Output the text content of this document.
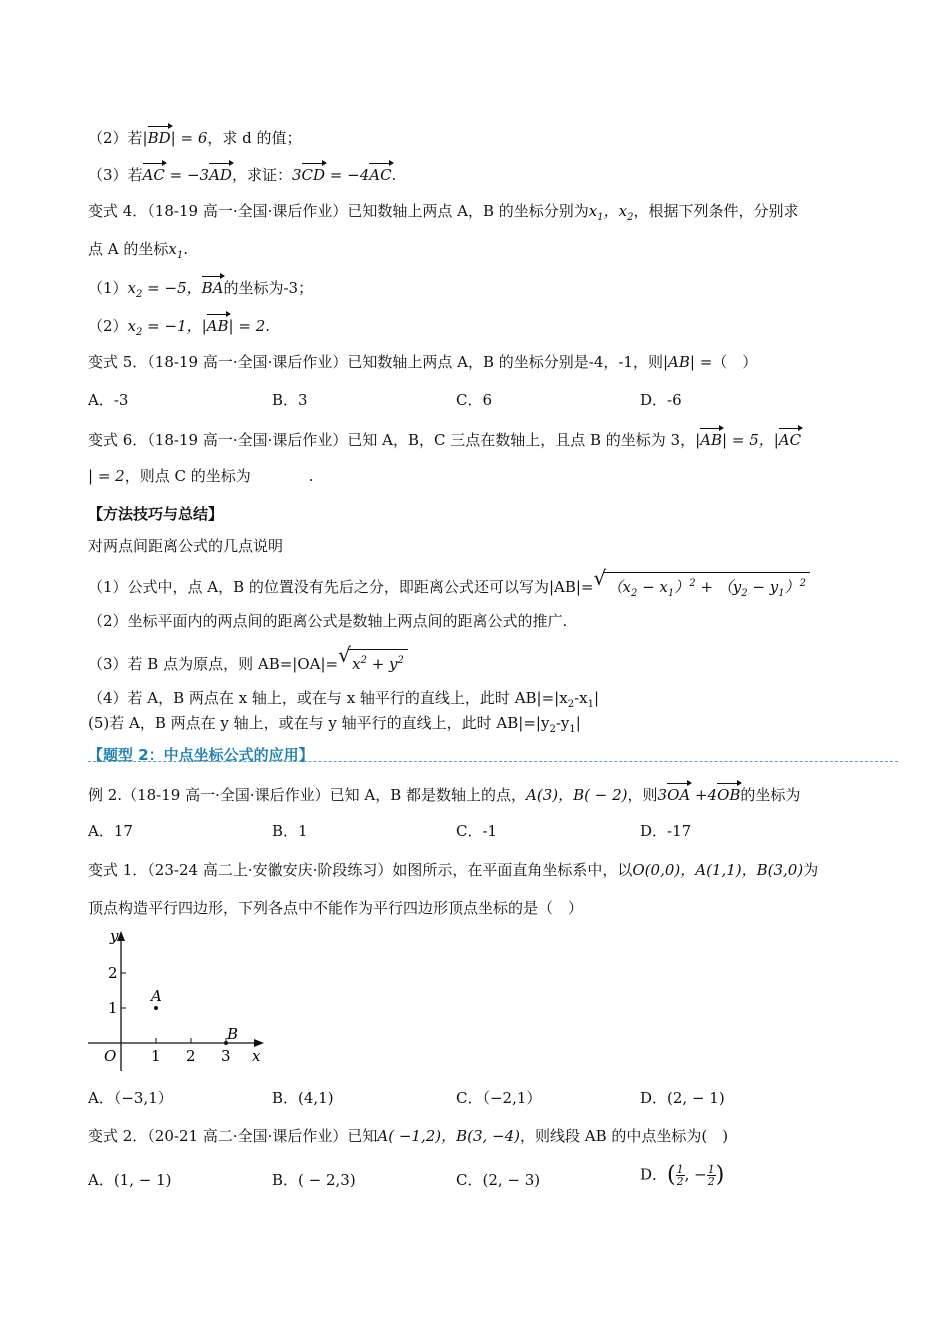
（2）若|BD| = 6，求 d 的值；
（3）若AC = −3AD，求证：3CD = −4AC.
变式 4．（18-19 高一·全国·课后作业）已知数轴上两点 A，B 的坐标分别为$x_1$，$x_2$，根据下列条件，分别求
点 A 的坐标$x_1$.
$(1)x_2 = -5$，BA的坐标为-3；
$(2)x_2 = -1$，|AB| = 2.
变式 5．（18-19 高一·全国·课后作业）已知数轴上两点 A，B 的坐标分别是-4，-1，则|AB| =（　）
A．-3	B．3	C．6	D．-6
变式 6．（18-19 高一·全国·课后作业）已知 A，B，C 三点在数轴上，且点 B 的坐标为 3，|AB| = 5，|AC
| = 2，则点 C 的坐标为	.
【方法技巧与总结】
对两点间距离公式的几点说明
（1）公式中，点 A，B 的位置没有先后之分，即距离公式还可以写为|AB|= √ $(x_2 - x_1)^2 + (y_2 - y_1)^2$
（2）坐标平面内的两点间的距离公式是数轴上两点间的距离公式的推广.
（3）若 B 点为原点，则 AB=|OA|= √ $x^2 + y^2$
（4）若 A，B 两点在 x 轴上，或在与 x 轴平行的直线上，此时 $AB|=|x_2-x_1|$
(5)若 A，B 两点在 y 轴上，或在与 y 轴平行的直线上，此时 $AB|=|y_2-y_1|$
【题型 2：中点坐标公式的应用】
例 2.（18-19 高一·全国·课后作业）已知 A，B 都是数轴上的点，A(3)，B( − 2)，则3OA +4OB的坐标为
A．17	B．1	C．-1	D．-17
变式 1．（23-24 高二上·安徽安庆·阶段练习）如图所示，在平面直角坐标系中，以O(0,0)，A(1,1)，B(3,0)为
顶点构造平行四边形，下列各点中不能作为平行四边形顶点坐标的是（　）
y
x
O 1 2 3
1
2
A
B
A．（−3,1）	B．(4,1)	C．（−2,1）	D．(2, − 1)
变式 2．（20-21 高二·全国·课后作业）已知A( −1,2)，B(3, −4)，则线段 AB 的中点坐标为(　)
A．(1, − 1)	B．( − 2,3)	C．(2, − 3)	D．( $\frac{1}{2}$ , − $\frac{1}{2}$ )
